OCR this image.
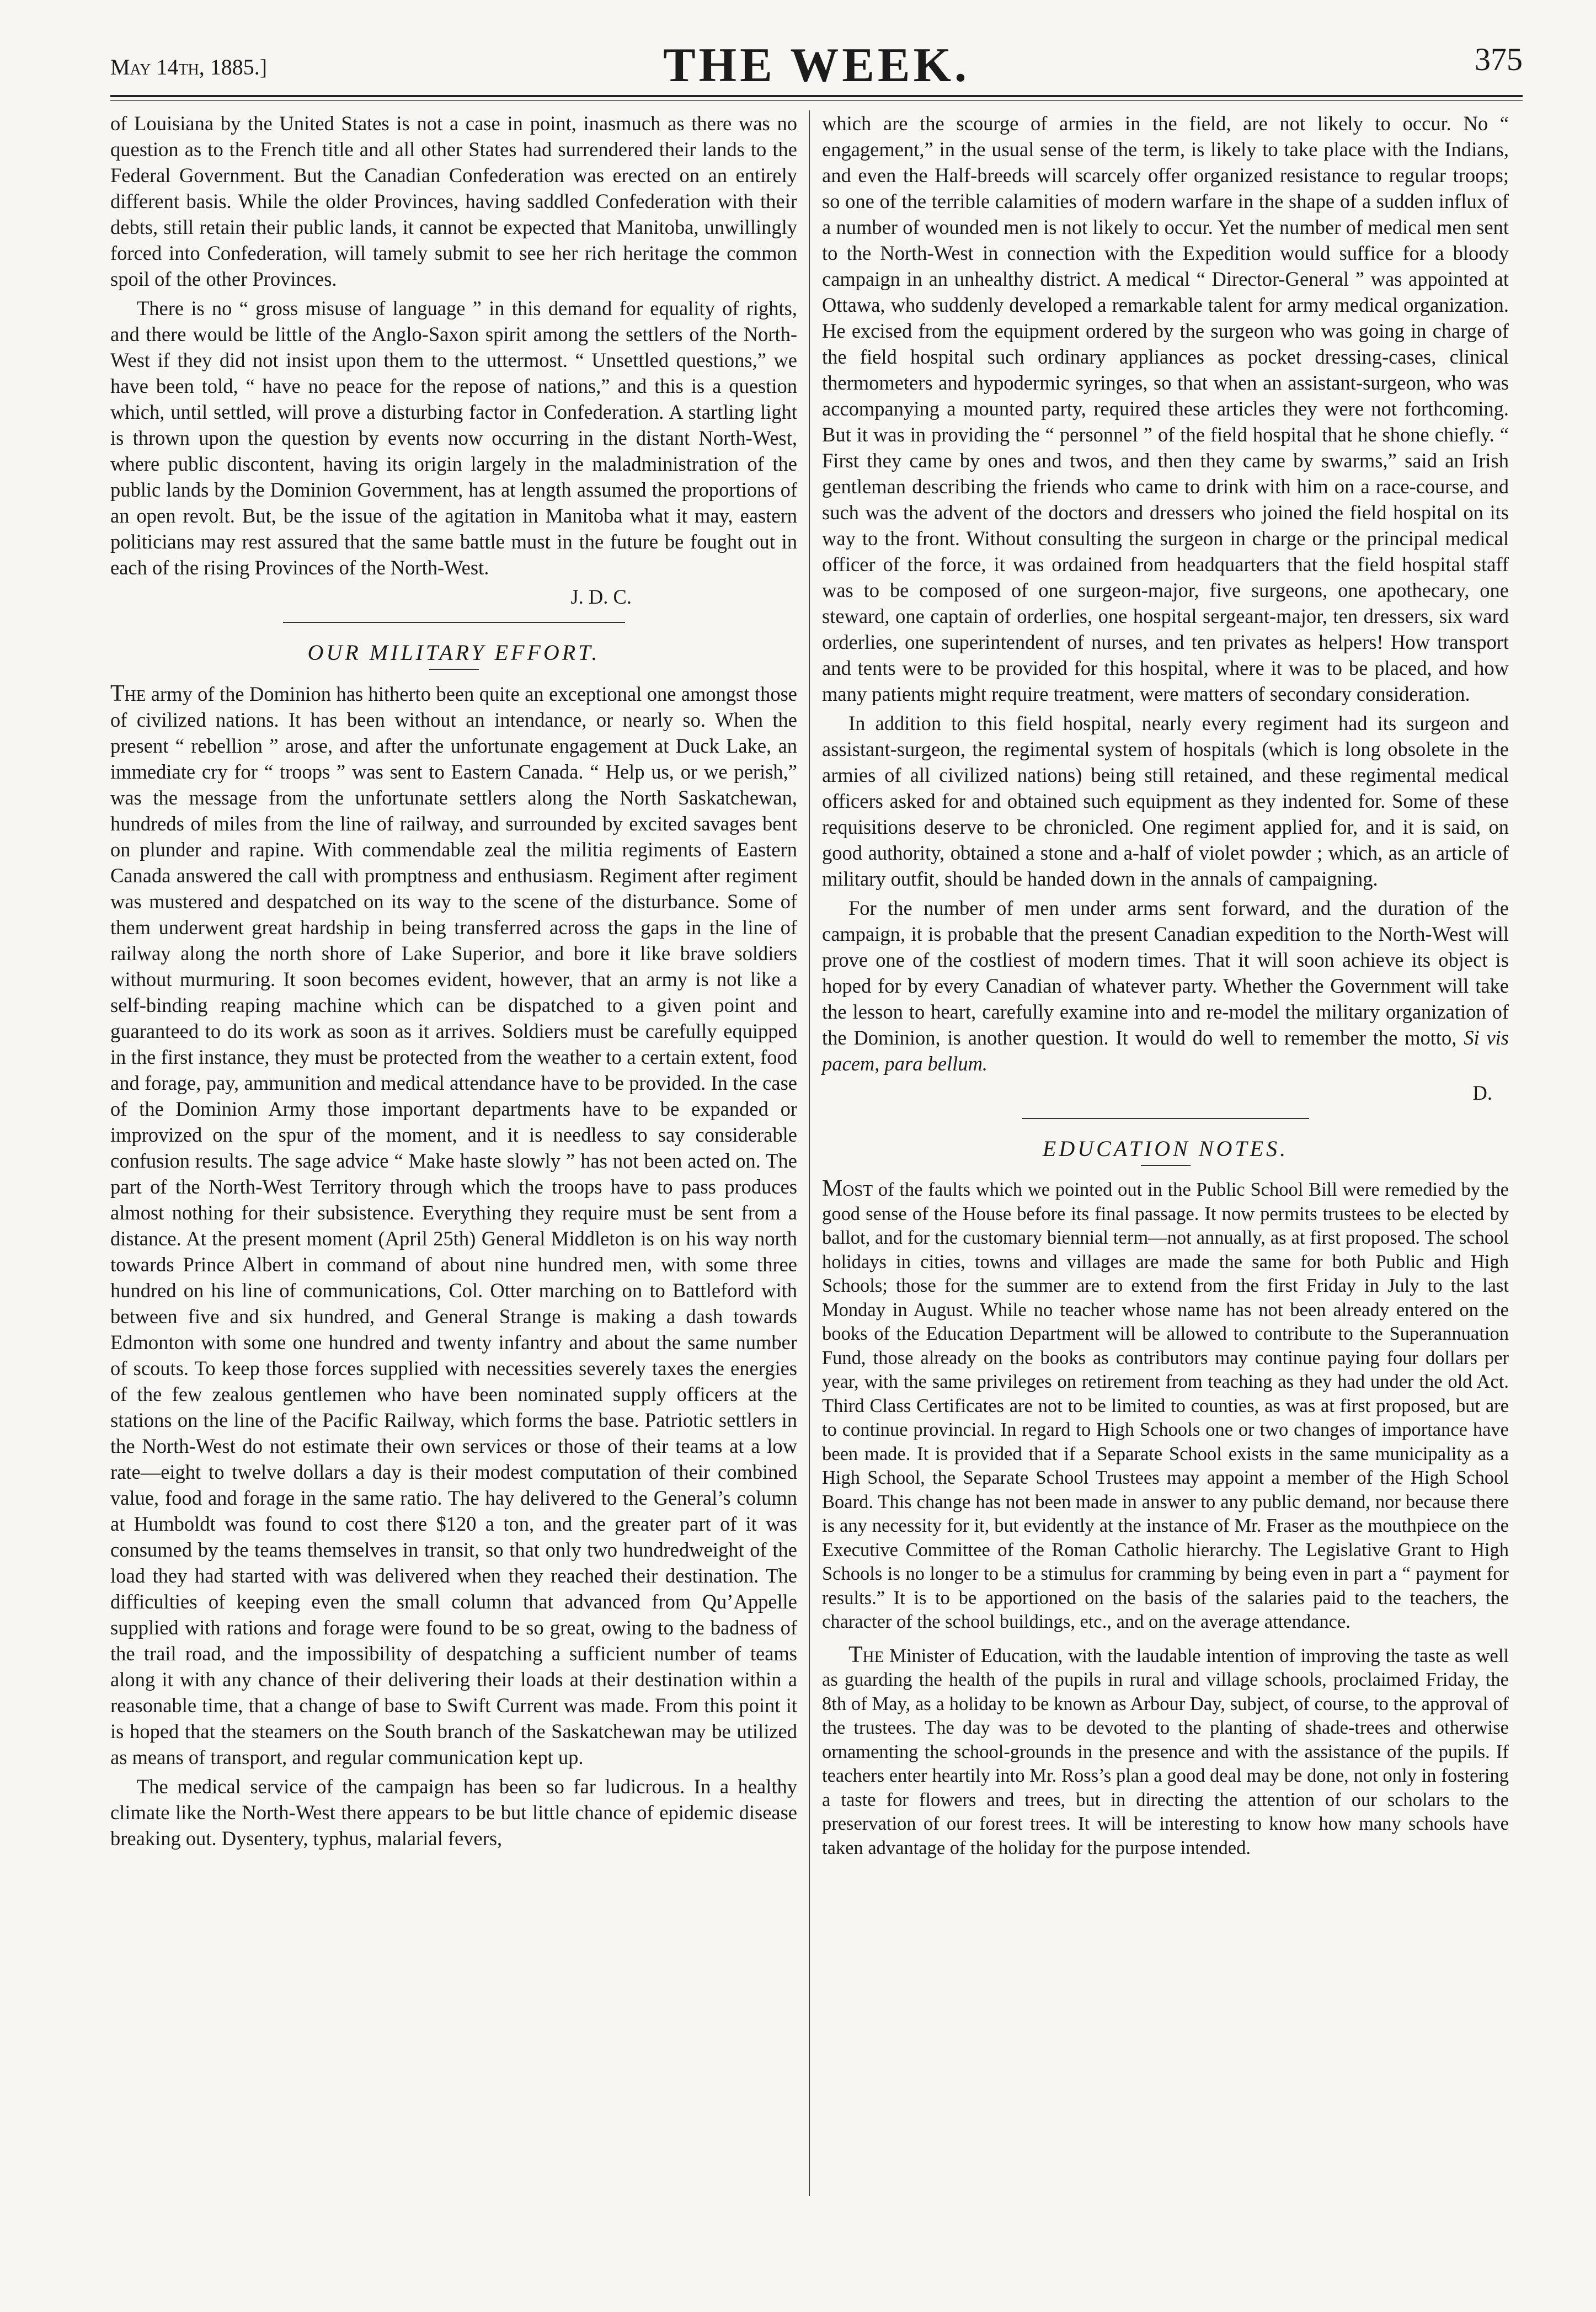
May 14th, 1885.]	THE WEEK.	375

of Louisiana by the United States is not a case in point, inasmuch as there was no question as to the French title and all other States had surrendered their lands to the Federal Government. But the Canadian Confederation was erected on an entirely different basis. While the older Provinces, having saddled Confederation with their debts, still retain their public lands, it cannot be expected that Manitoba, unwillingly forced into Confederation, will tamely submit to see her rich heritage the common spoil of the other Provinces.

There is no “ gross misuse of language ” in this demand for equality of rights, and there would be little of the Anglo-Saxon spirit among the settlers of the North-West if they did not insist upon them to the uttermost. “ Unsettled questions,” we have been told, “ have no peace for the repose of nations,” and this is a question which, until settled, will prove a disturbing factor in Confederation. A startling light is thrown upon the question by events now occurring in the distant North-West, where public discontent, having its origin largely in the maladministration of the public lands by the Dominion Government, has at length assumed the proportions of an open revolt. But, be the issue of the agitation in Manitoba what it may, eastern politicians may rest assured that the same battle must in the future be fought out in each of the rising Provinces of the North-West.

J. D. C.

OUR MILITARY EFFORT.

The army of the Dominion has hitherto been quite an exceptional one amongst those of civilized nations. It has been without an intendance, or nearly so. When the present “ rebellion ” arose, and after the unfortunate engagement at Duck Lake, an immediate cry for “ troops ” was sent to Eastern Canada. “ Help us, or we perish,” was the message from the unfortunate settlers along the North Saskatchewan, hundreds of miles from the line of railway, and surrounded by excited savages bent on plunder and rapine. With commendable zeal the militia regiments of Eastern Canada answered the call with promptness and enthusiasm. Regiment after regiment was mustered and despatched on its way to the scene of the disturbance. Some of them underwent great hardship in being transferred across the gaps in the line of railway along the north shore of Lake Superior, and bore it like brave soldiers without murmuring. It soon becomes evident, however, that an army is not like a self-binding reaping machine which can be dispatched to a given point and guaranteed to do its work as soon as it arrives. Soldiers must be carefully equipped in the first instance, they must be protected from the weather to a certain extent, food and forage, pay, ammunition and medical attendance have to be provided. In the case of the Dominion Army those important departments have to be expanded or improvized on the spur of the moment, and it is needless to say considerable confusion results. The sage advice “ Make haste slowly ” has not been acted on. The part of the North-West Territory through which the troops have to pass produces almost nothing for their subsistence. Everything they require must be sent from a distance. At the present moment (April 25th) General Middleton is on his way north towards Prince Albert in command of about nine hundred men, with some three hundred on his line of communications, Col. Otter marching on to Battleford with between five and six hundred, and General Strange is making a dash towards Edmonton with some one hundred and twenty infantry and about the same number of scouts. To keep those forces supplied with necessities severely taxes the energies of the few zealous gentlemen who have been nominated supply officers at the stations on the line of the Pacific Railway, which forms the base. Patriotic settlers in the North-West do not estimate their own services or those of their teams at a low rate—eight to twelve dollars a day is their modest computation of their combined value, food and forage in the same ratio. The hay delivered to the General’s column at Humboldt was found to cost there $120 a ton, and the greater part of it was consumed by the teams themselves in transit, so that only two hundredweight of the load they had started with was delivered when they reached their destination. The difficulties of keeping even the small column that advanced from Qu’Appelle supplied with rations and forage were found to be so great, owing to the badness of the trail road, and the impossibility of despatching a sufficient number of teams along it with any chance of their delivering their loads at their destination within a reasonable time, that a change of base to Swift Current was made. From this point it is hoped that the steamers on the South branch of the Saskatchewan may be utilized as means of transport, and regular communication kept up.

The medical service of the campaign has been so far ludicrous. In a healthy climate like the North-West there appears to be but little chance of epidemic disease breaking out. Dysentery, typhus, malarial fevers,

which are the scourge of armies in the field, are not likely to occur. No “ engagement,” in the usual sense of the term, is likely to take place with the Indians, and even the Half-breeds will scarcely offer organized resistance to regular troops; so one of the terrible calamities of modern warfare in the shape of a sudden influx of a number of wounded men is not likely to occur. Yet the number of medical men sent to the North-West in connection with the Expedition would suffice for a bloody campaign in an unhealthy district. A medical “ Director-General ” was appointed at Ottawa, who suddenly developed a remarkable talent for army medical organization. He excised from the equipment ordered by the surgeon who was going in charge of the field hospital such ordinary appliances as pocket dressing-cases, clinical thermometers and hypodermic syringes, so that when an assistant-surgeon, who was accompanying a mounted party, required these articles they were not forthcoming. But it was in providing the “ personnel ” of the field hospital that he shone chiefly. “ First they came by ones and twos, and then they came by swarms,” said an Irish gentleman describing the friends who came to drink with him on a race-course, and such was the advent of the doctors and dressers who joined the field hospital on its way to the front. Without consulting the surgeon in charge or the principal medical officer of the force, it was ordained from headquarters that the field hospital staff was to be composed of one surgeon-major, five surgeons, one apothecary, one steward, one captain of orderlies, one hospital sergeant-major, ten dressers, six ward orderlies, one superintendent of nurses, and ten privates as helpers! How transport and tents were to be provided for this hospital, where it was to be placed, and how many patients might require treatment, were matters of secondary consideration.

In addition to this field hospital, nearly every regiment had its surgeon and assistant-surgeon, the regimental system of hospitals (which is long obsolete in the armies of all civilized nations) being still retained, and these regimental medical officers asked for and obtained such equipment as they indented for. Some of these requisitions deserve to be chronicled. One regiment applied for, and it is said, on good authority, obtained a stone and a-half of violet powder ; which, as an article of military outfit, should be handed down in the annals of campaigning.

For the number of men under arms sent forward, and the duration of the campaign, it is probable that the present Canadian expedition to the North-West will prove one of the costliest of modern times. That it will soon achieve its object is hoped for by every Canadian of whatever party. Whether the Government will take the lesson to heart, carefully examine into and re-model the military organization of the Dominion, is another question. It would do well to remember the motto, Si vis pacem, para bellum.

D.

EDUCATION NOTES.

Most of the faults which we pointed out in the Public School Bill were remedied by the good sense of the House before its final passage. It now permits trustees to be elected by ballot, and for the customary biennial term—not annually, as at first proposed. The school holidays in cities, towns and villages are made the same for both Public and High Schools; those for the summer are to extend from the first Friday in July to the last Monday in August. While no teacher whose name has not been already entered on the books of the Education Department will be allowed to contribute to the Superannuation Fund, those already on the books as contributors may continue paying four dollars per year, with the same privileges on retirement from teaching as they had under the old Act. Third Class Certificates are not to be limited to counties, as was at first proposed, but are to continue provincial. In regard to High Schools one or two changes of importance have been made. It is provided that if a Separate School exists in the same municipality as a High School, the Separate School Trustees may appoint a member of the High School Board. This change has not been made in answer to any public demand, nor because there is any necessity for it, but evidently at the instance of Mr. Fraser as the mouthpiece on the Executive Committee of the Roman Catholic hierarchy. The Legislative Grant to High Schools is no longer to be a stimulus for cramming by being even in part a “ payment for results.” It is to be apportioned on the basis of the salaries paid to the teachers, the character of the school buildings, etc., and on the average attendance.

The Minister of Education, with the laudable intention of improving the taste as well as guarding the health of the pupils in rural and village schools, proclaimed Friday, the 8th of May, as a holiday to be known as Arbour Day, subject, of course, to the approval of the trustees. The day was to be devoted to the planting of shade-trees and otherwise ornamenting the school-grounds in the presence and with the assistance of the pupils. If teachers enter heartily into Mr. Ross’s plan a good deal may be done, not only in fostering a taste for flowers and trees, but in directing the attention of our scholars to the preservation of our forest trees. It will be interesting to know how many schools have taken advantage of the holiday for the purpose intended.
